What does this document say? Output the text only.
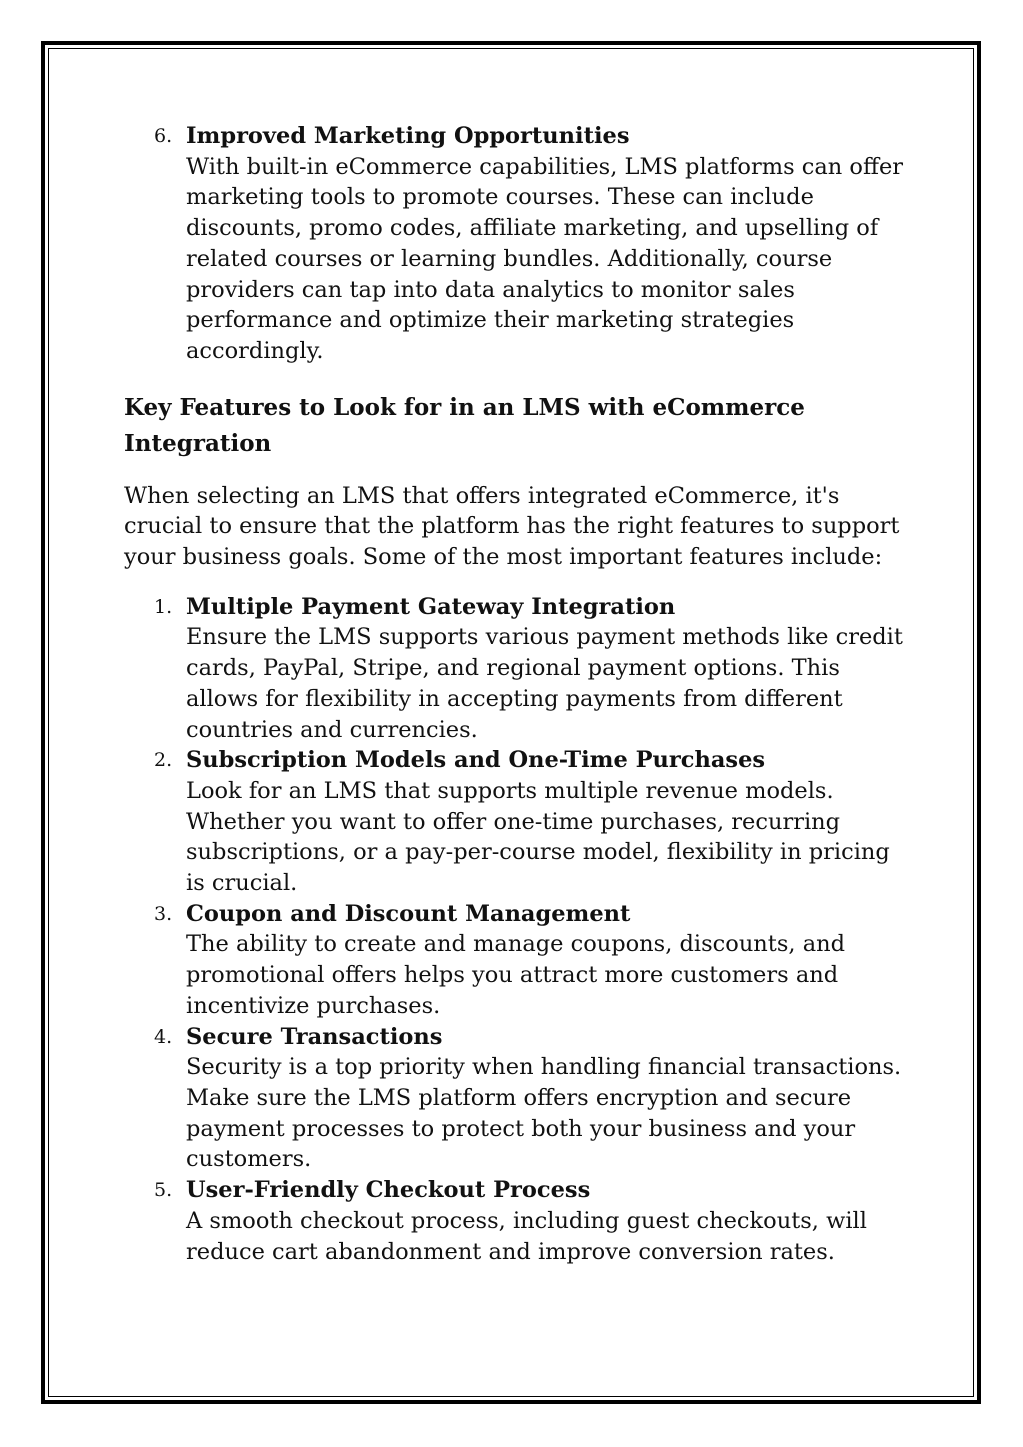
6. Improved Marketing Opportunities
With built-in eCommerce capabilities, LMS platforms can offer
marketing tools to promote courses. These can include
discounts, promo codes, affiliate marketing, and upselling of
related courses or learning bundles. Additionally, course
providers can tap into data analytics to monitor sales
performance and optimize their marketing strategies
accordingly.
Key Features to Look for in an LMS with eCommerce
Integration
When selecting an LMS that offers integrated eCommerce, it's
crucial to ensure that the platform has the right features to support
your business goals. Some of the most important features include:
1. Multiple Payment Gateway Integration
Ensure the LMS supports various payment methods like credit
cards, PayPal, Stripe, and regional payment options. This
allows for flexibility in accepting payments from different
countries and currencies.
2. Subscription Models and One-Time Purchases
Look for an LMS that supports multiple revenue models.
Whether you want to offer one-time purchases, recurring
subscriptions, or a pay-per-course model, flexibility in pricing
is crucial.
3. Coupon and Discount Management
The ability to create and manage coupons, discounts, and
promotional offers helps you attract more customers and
incentivize purchases.
4. Secure Transactions
Security is a top priority when handling financial transactions.
Make sure the LMS platform offers encryption and secure
payment processes to protect both your business and your
customers.
5. User-Friendly Checkout Process
A smooth checkout process, including guest checkouts, will
reduce cart abandonment and improve conversion rates.
